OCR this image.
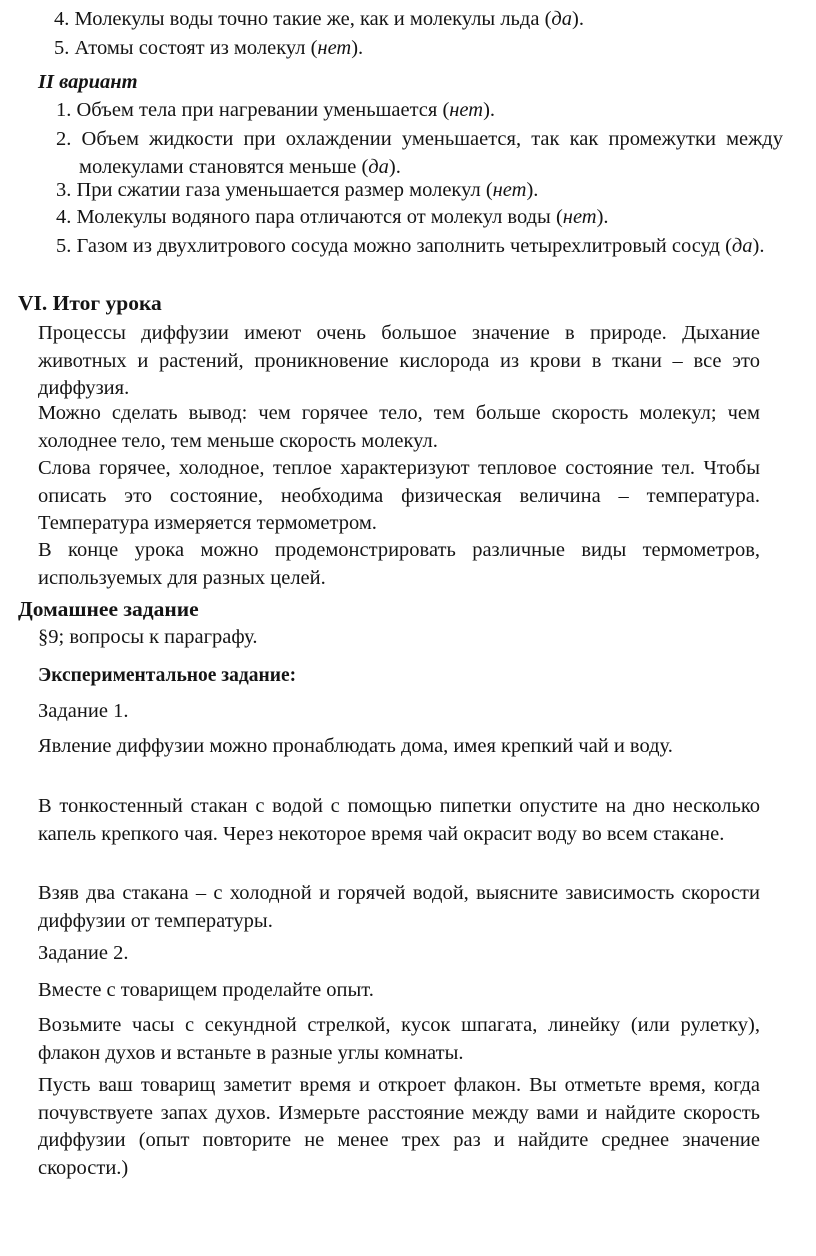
4. Молекулы воды точно такие же, как и молекулы льда (да).

5. Атомы состоят из молекул (нет).

II вариант

1. Объем тела при нагревании уменьшается (нет).

2. Объем жидкости при охлаждении уменьшается, так как промежутки между молекулами становятся меньше (да).

3. При сжатии газа уменьшается размер молекул (нет).

4. Молекулы водяного пара отличаются от молекул воды (нет).

5. Газом из двухлитрового сосуда можно заполнить четырехлитровый сосуд (да).

VI. Итог урока

Процессы диффузии имеют очень большое значение в природе. Дыхание животных и растений, проникновение кислорода из крови в ткани – все это диффузия.

Можно сделать вывод: чем горячее тело, тем больше скорость молекул; чем холоднее тело, тем меньше скорость молекул.

Слова горячее, холодное, теплое характеризуют тепловое состояние тел. Чтобы описать это состояние, необходима физическая величина – температура. Температура измеряется термометром.

В конце урока можно продемонстрировать различные виды термометров, используемых для разных целей.

Домашнее задание

§9; вопросы к параграфу.

Экспериментальное задание:

Задание 1.

Явление диффузии можно пронаблюдать дома, имея крепкий чай и воду.

В тонкостенный стакан с водой с помощью пипетки опустите на дно несколько капель крепкого чая. Через некоторое время чай окрасит воду во всем стакане.

Взяв два стакана – с холодной и горячей водой, выясните зависимость скорости диффузии от температуры.

Задание 2.

Вместе с товарищем проделайте опыт.

Возьмите часы с секундной стрелкой, кусок шпагата, линейку (или рулетку), флакон духов и встаньте в разные углы комнаты.

Пусть ваш товарищ заметит время и откроет флакон. Вы отметьте время, когда почувствуете запах духов. Измерьте расстояние между вами и найдите скорость диффузии (опыт повторите не менее трех раз и найдите среднее значение скорости.)
